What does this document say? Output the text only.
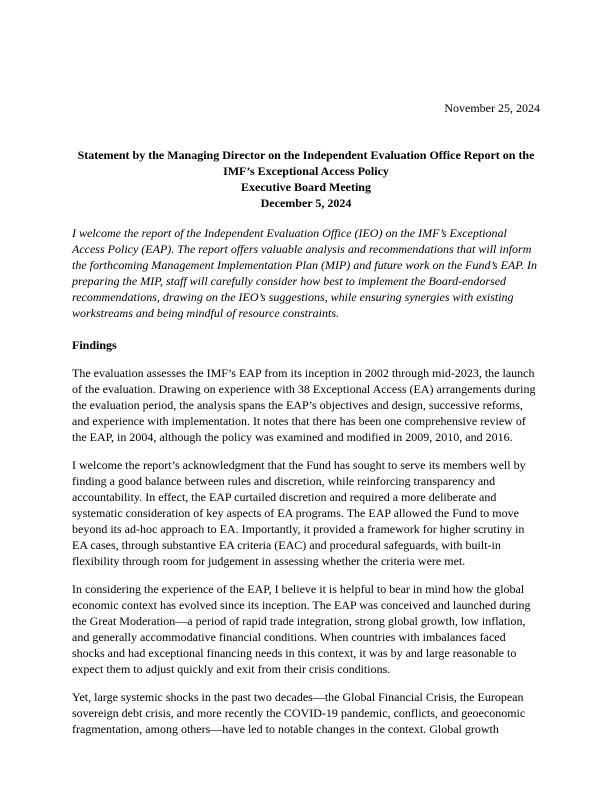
November 25, 2024
Statement by the Managing Director on the Independent Evaluation Office Report on the
IMF’s Exceptional Access Policy
Executive Board Meeting
December 5, 2024

I welcome the report of the Independent Evaluation Office (IEO) on the IMF’s Exceptional Access Policy (EAP). The report offers valuable analysis and recommendations that will inform the forthcoming Management Implementation Plan (MIP) and future work on the Fund’s EAP. In preparing the MIP, staff will carefully consider how best to implement the Board-endorsed recommendations, drawing on the IEO’s suggestions, while ensuring synergies with existing workstreams and being mindful of resource constraints.

Findings

The evaluation assesses the IMF’s EAP from its inception in 2002 through mid-2023, the launch of the evaluation. Drawing on experience with 38 Exceptional Access (EA) arrangements during the evaluation period, the analysis spans the EAP’s objectives and design, successive reforms, and experience with implementation. It notes that there has been one comprehensive review of the EAP, in 2004, although the policy was examined and modified in 2009, 2010, and 2016.

I welcome the report’s acknowledgment that the Fund has sought to serve its members well by finding a good balance between rules and discretion, while reinforcing transparency and accountability. In effect, the EAP curtailed discretion and required a more deliberate and systematic consideration of key aspects of EA programs. The EAP allowed the Fund to move beyond its ad-hoc approach to EA. Importantly, it provided a framework for higher scrutiny in EA cases, through substantive EA criteria (EAC) and procedural safeguards, with built-in flexibility through room for judgement in assessing whether the criteria were met.

In considering the experience of the EAP, I believe it is helpful to bear in mind how the global economic context has evolved since its inception. The EAP was conceived and launched during the Great Moderation—a period of rapid trade integration, strong global growth, low inflation, and generally accommodative financial conditions. When countries with imbalances faced shocks and had exceptional financing needs in this context, it was by and large reasonable to expect them to adjust quickly and exit from their crisis conditions.

Yet, large systemic shocks in the past two decades—the Global Financial Crisis, the European sovereign debt crisis, and more recently the COVID-19 pandemic, conflicts, and geoeconomic fragmentation, among others—have led to notable changes in the context. Global growth
